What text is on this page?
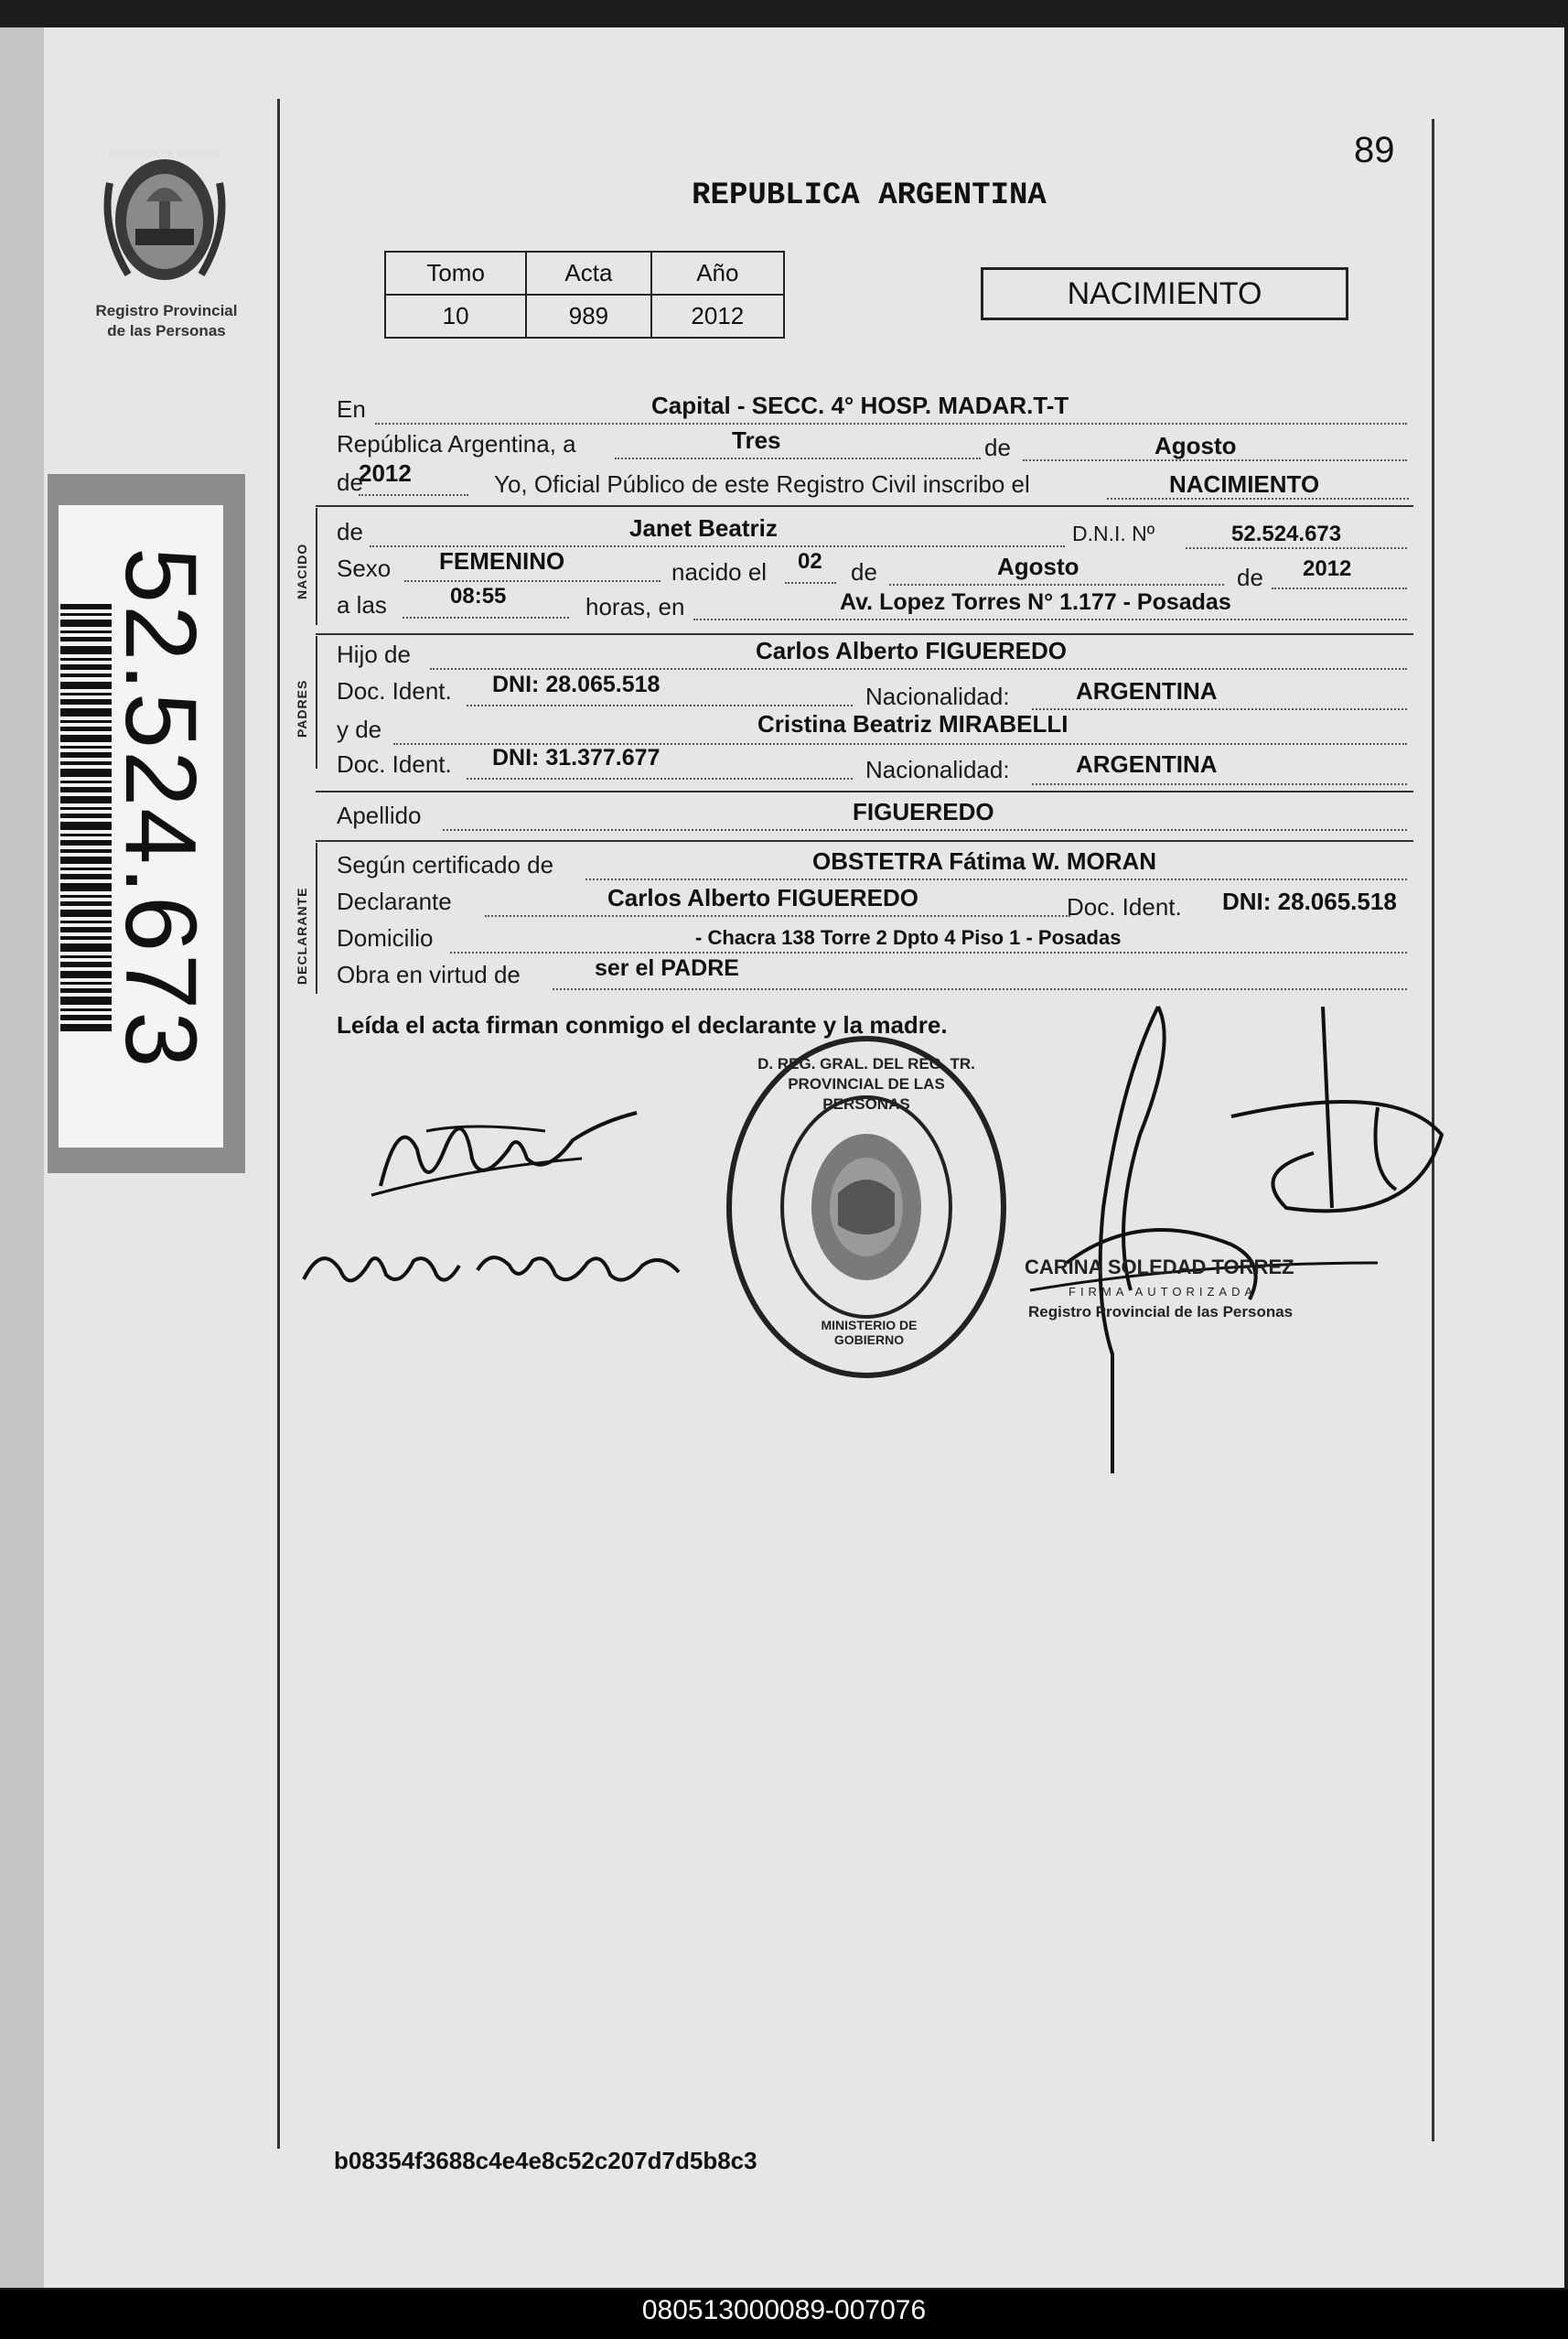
89
REPUBLICA ARGENTINA
PROVINCIA DE MISIONES
Registro Provincial
de las Personas
52.524.673
Tomo	Acta	Año
10	989	2012
NACIMIENTO
En	Capital - SECC. 4° HOSP. MADAR.T-T
República Argentina, a	Tres	de	Agosto
de
2012	Yo, Oficial Público de este Registro Civil inscribo el	NACIMIENTO
NACIDO
de	Janet Beatriz	D.N.I. Nº	52.524.673
Sexo FEMENINO	nacido el 02 de	Agosto	de 2012
a las	08:55	horas, en	Av. Lopez Torres N° 1.177 - Posadas
PADRES
Hijo de	Carlos Alberto FIGUEREDO
Doc. Ident. DNI: 28.065.518	Nacionalidad:	ARGENTINA
y de	Cristina Beatriz MIRABELLI
Doc. Ident. DNI: 31.377.677	Nacionalidad:	ARGENTINA
Apellido	FIGUEREDO
DECLARANTE
Según certificado de	OBSTETRA Fátima W. MORAN
Declarante	Carlos Alberto FIGUEREDO	Doc. Ident. DNI: 28.065.518
Domicilio	- Chacra 138 Torre 2 Dpto 4 Piso 1 - Posadas
Obra en virtud de	ser el PADRE
Leída el acta firman conmigo el declarante y la madre.
D. REG. GRAL. DEL REG. TR. PROVINCIAL DE LAS PERSONAS
MINISTERIO DE GOBIERNO
CARINA SOLEDAD TORREZ
FIRMA AUTORIZADA
Registro Provincial de las Personas
b08354f3688c4e4e8c52c207d7d5b8c3
080513000089-007076
